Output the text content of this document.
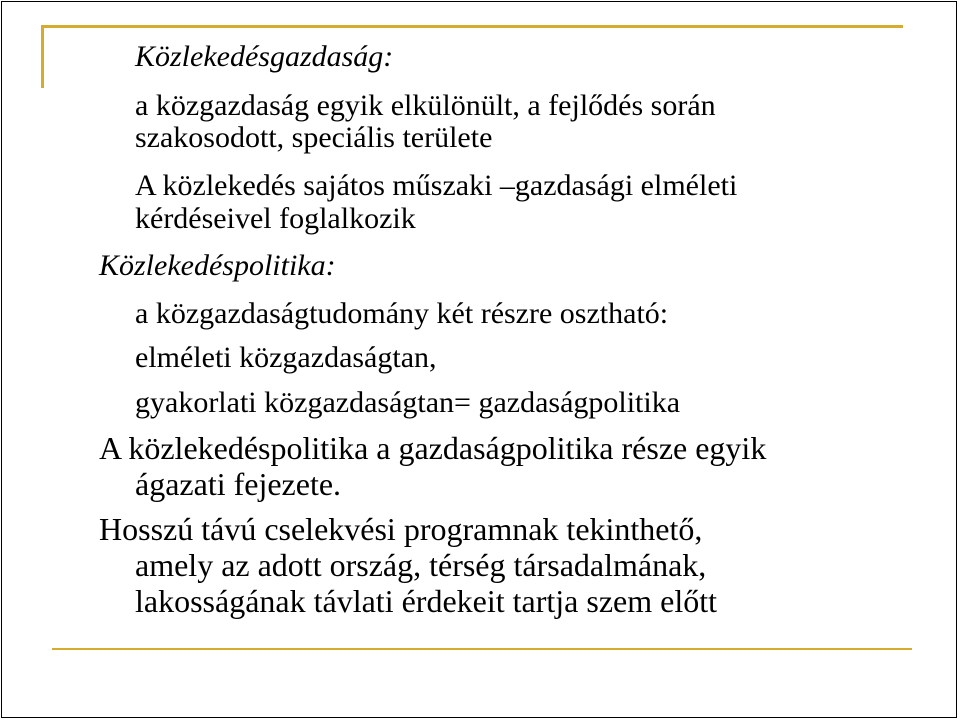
Közlekedésgazdaság:
a közgazdaság egyik elkülönült, a fejlődés során
szakosodott, speciális területe
A közlekedés sajátos műszaki –gazdasági elméleti
kérdéseivel foglalkozik
Közlekedéspolitika:
a közgazdaságtudomány két részre osztható:
elméleti közgazdaságtan,
gyakorlati közgazdaságtan= gazdaságpolitika
A közlekedéspolitika a gazdaságpolitika része egyik
ágazati fejezete.
Hosszú távú cselekvési programnak tekinthető,
amely az adott ország, térség társadalmának,
lakosságának távlati érdekeit tartja szem előtt
